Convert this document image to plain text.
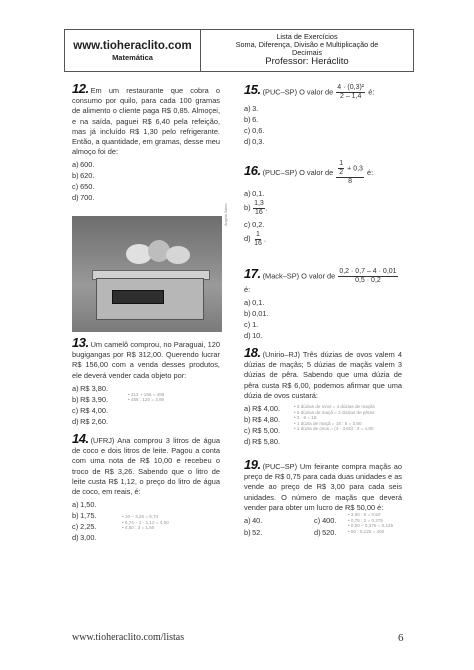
www.tioheraclito.com
Matemática
Lista de Exercícios
Soma, Diferença, Divisão e Multiplicação de
Decimais
Professor: Heráclito
12. Em um restaurante que cobra o consumo por quilo, para cada 100 gramas de alimento o cliente paga R$ 0,85. Almoçei, e na saída, paguei R$ 6,40 pela refeição, mas já incluído R$ 1,30 pelo refrigerante. Então, a quantidade, em gramas, desse meu almoço foi de:
a) 600.
b) 620.
c) 650.
d) 700.
13. Um camelô comprou, no Paraguai, 120 bugigangas por R$ 312,00. Querendo lucrar R$ 156,00 com a venda desses produtos, ele deverá vender cada objeto por:
a) R$ 3,80.
b) R$ 3,90.
c) R$ 4,00.
d) R$ 2,60.
• 312 + 156 = 468
• 468 : 120 = 3,90
14. (UFRJ) Ana comprou 3 litros de água de coco e dois litros de leite. Pagou a conta com uma nota de R$ 10,00 e recebeu o troco de R$ 3,26. Sabendo que o litro de leite custa R$ 1,12, o preço do litro de água de coco, em reais, é:
a) 1,50.
b) 1,75.
c) 2,25.
d) 3,00.
• 10 – 3,26 = 6,74
• 6,74 – 2 · 1,12 = 4,50
• 4,50 : 3 = 1,50
Angela Saleo
15. (PUC–SP) O valor de $\frac{\text{4 · (0,3)²}}{2 - 1,4}$ é:
a) 3.
b) 6.
c) 0,6.
d) 0,3.
16. (PUC–SP) O valor de $\frac{\frac{1}{2} + 0,3}{8}$ é:
a) 0,1.
$b) \frac{1,3}{16}$ .
c) 0,2.
$d) \frac{1}{16}$ .
17. (Mack–SP) O valor de $\frac{0,2 \cdot 0,7 - 4 \cdot 0,01}{0,5 \cdot 0,2}$
é:
a) 0,1.
b) 0,01.
c) 1.
d) 10.
18. (Unirio–RJ) Três dúzias de ovos valem 4 dúzias de maçãs; 5 dúzias de maçãs valem 3 dúzias de pêra. Sabendo que uma dúzia de pêra custa R$ 6,00, podemos afirmar que uma dúzia de ovos custará:
a) R$ 4,00.
b) R$ 4,80.
c) R$ 5,00.
d) R$ 5,80.
• 3 dúzias de ovos = 4 dúzias de maçãs
• 5 dúzias de maçã = 3 dúzias de pêras
• 3 · 6 = 18
• 1 dúzia de maçã = 18 : 5 = 3,60
• 1 dúzia de ovos = (4 · 3,60) : 3 = 4,80
19. (PUC–SP) Um feirante compra maçãs ao preço de R$ 0,75 para cada duas unidades e as vende ao preço de R$ 3,00 para cada seis unidades. O número de maçãs que deverá vender para obter um lucro de R$ 50,00 é:
a) 40.
b) 52.
c) 400.
d) 520.
• 3,00 : 6 = 0,50
• 0,75 : 2 = 0,375
• 0,50 – 0,375 = 0,125
• 50 : 0,125 = 400
www.tioheraclito.com/listas	6
